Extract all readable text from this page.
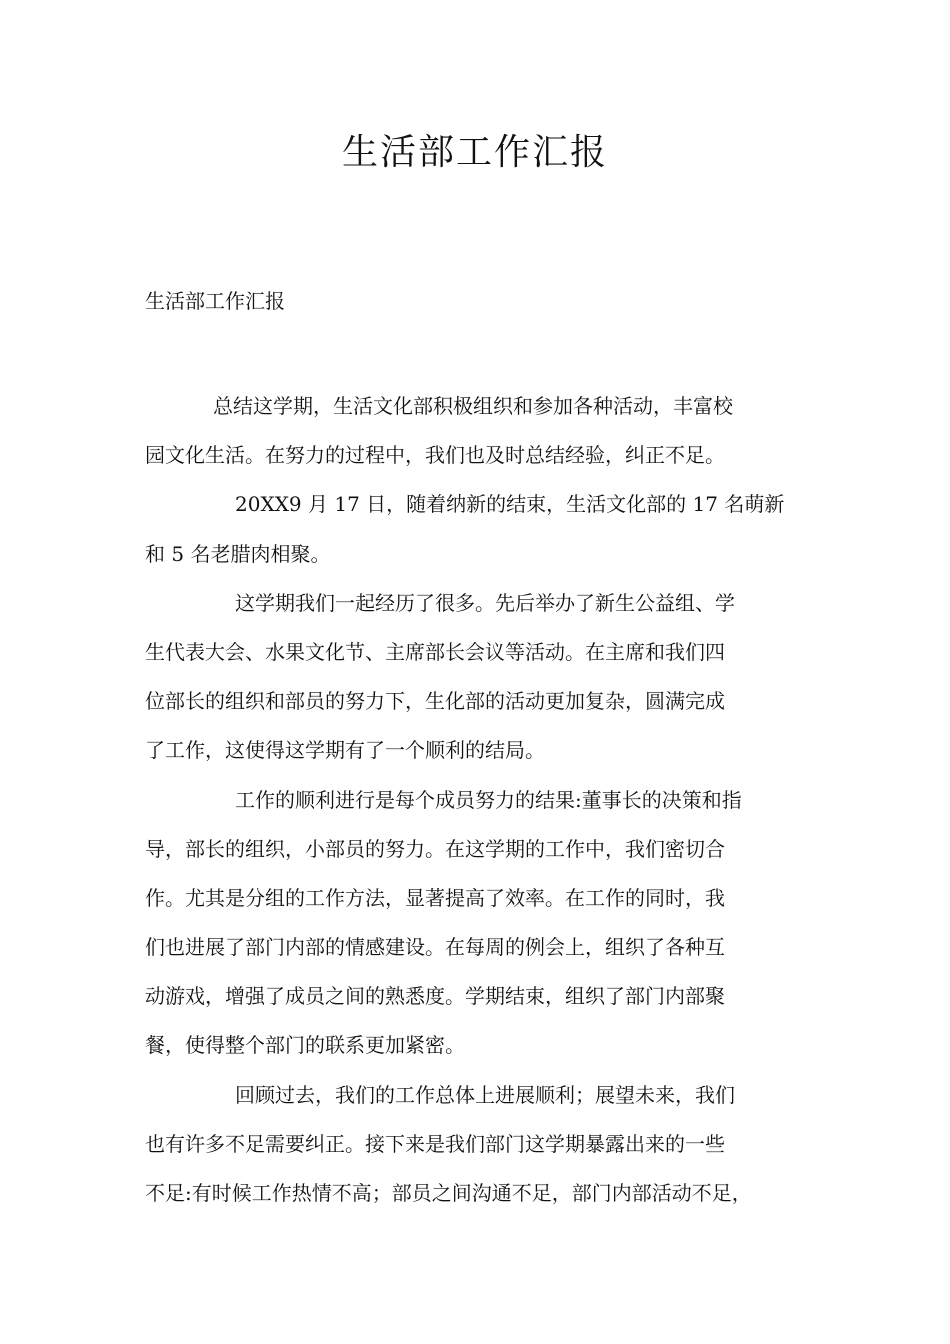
生活部工作汇报
生活部工作汇报

总结这学期，生活文化部积极组织和参加各种活动，丰富校
园文化生活。在努力的过程中，我们也及时总结经验，纠正不足。

20XX9 月 17 日，随着纳新的结束，生活文化部的 17 名萌新
和 5 名老腊肉相聚。

这学期我们一起经历了很多。先后举办了新生公益组、学
生代表大会、水果文化节、主席部长会议等活动。在主席和我们四
位部长的组织和部员的努力下，生化部的活动更加复杂，圆满完成
了工作，这使得这学期有了一个顺利的结局。

工作的顺利进行是每个成员努力的结果:董事长的决策和指
导，部长的组织，小部员的努力。在这学期的工作中，我们密切合
作。尤其是分组的工作方法，显著提高了效率。在工作的同时，我
们也进展了部门内部的情感建设。在每周的例会上，组织了各种互
动游戏，增强了成员之间的熟悉度。学期结束，组织了部门内部聚
餐，使得整个部门的联系更加紧密。

回顾过去，我们的工作总体上进展顺利；展望未来，我们
也有许多不足需要纠正。接下来是我们部门这学期暴露出来的一些
不足:有时候工作热情不高；部员之间沟通不足，部门内部活动不足，
